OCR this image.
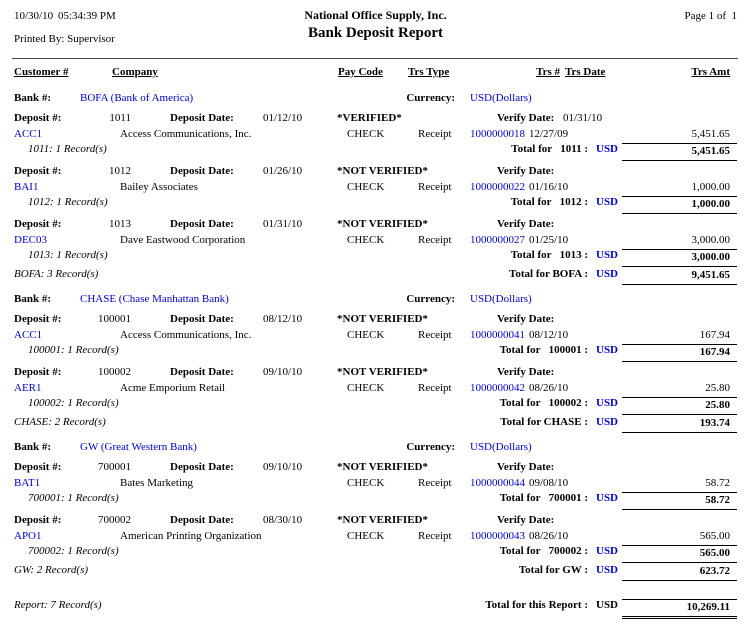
10/30/10 05:34:39 PM	National Office Supply, Inc.	Page 1 of  1
Printed By: Supervisor	Bank Deposit Report
Customer #	Company	Pay Code Trs Type	Trs # Trs Date	Trs Amt
Bank #:	BOFA (Bank of America)	Currency: USD(Dollars)
Deposit #:	1011	Deposit Date:	01/12/10	*VERIFIED*	Verify Date: 01/31/10
ACC1	Access Communications, Inc.	CHECK	Receipt	1000000018 12/27/09	5,451.65
1011: 1 Record(s)	Total for   1011 : USD	5,451.65
Deposit #:	1012	Deposit Date:	01/26/10	*NOT VERIFIED*	Verify Date:
BAI1	Bailey Associates	CHECK	Receipt	1000000022 01/16/10	1,000.00
1012: 1 Record(s)	Total for   1012 : USD	1,000.00
Deposit #:	1013	Deposit Date:	01/31/10	*NOT VERIFIED*	Verify Date:
DEC03	Dave Eastwood Corporation	CHECK	Receipt	1000000027 01/25/10	3,000.00
1013: 1 Record(s)	Total for   1013 : USD	3,000.00
BOFA: 3 Record(s)	Total for BOFA : USD	9,451.65
Bank #:	CHASE (Chase Manhattan Bank)	Currency: USD(Dollars)
Deposit #:	100001	Deposit Date:	08/12/10	*NOT VERIFIED*	Verify Date:
ACC1	Access Communications, Inc.	CHECK	Receipt	1000000041 08/12/10	167.94
100001: 1 Record(s)	Total for   100001 : USD	167.94
Deposit #:	100002	Deposit Date:	09/10/10	*NOT VERIFIED*	Verify Date:
AER1	Acme Emporium Retail	CHECK	Receipt	1000000042 08/26/10	25.80
100002: 1 Record(s)	Total for   100002 : USD	25.80
CHASE: 2 Record(s)	Total for CHASE : USD	193.74
Bank #:	GW (Great Western Bank)	Currency: USD(Dollars)
Deposit #:	700001	Deposit Date:	09/10/10	*NOT VERIFIED*	Verify Date:
BAT1	Bates Marketing	CHECK	Receipt	1000000044 09/08/10	58.72
700001: 1 Record(s)	Total for   700001 : USD	58.72
Deposit #:	700002	Deposit Date:	08/30/10	*NOT VERIFIED*	Verify Date:
APO1	American Printing Organization	CHECK	Receipt	1000000043 08/26/10	565.00
700002: 1 Record(s)	Total for   700002 : USD	565.00
GW: 2 Record(s)	Total for GW : USD	623.72
Report: 7 Record(s)	Total for this Report : USD	10,269.11
